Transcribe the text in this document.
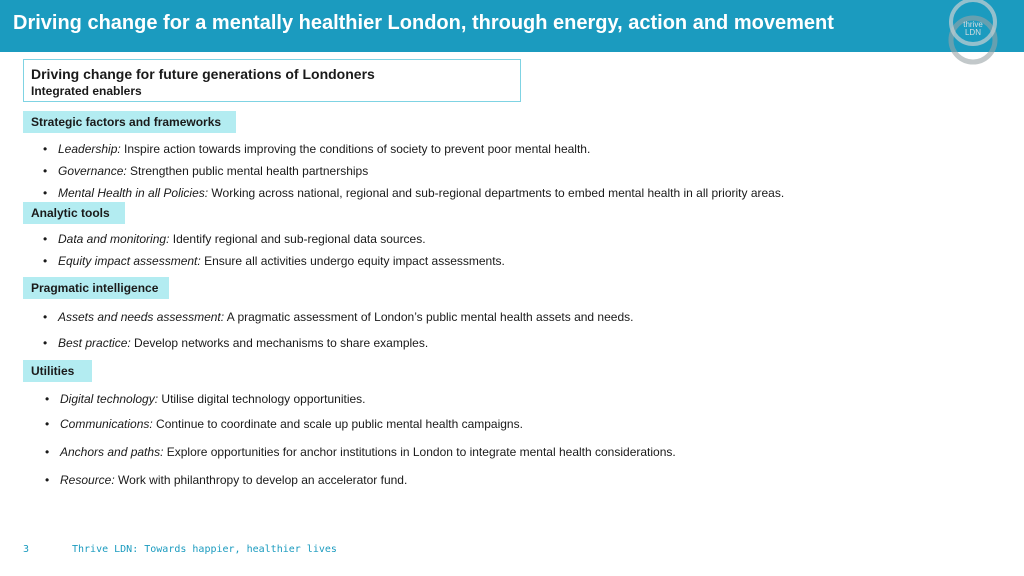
Driving change for a mentally healthier London, through energy, action and movement	thrive
LDN
Driving change for future generations of Londoners
Integrated enablers
Strategic factors and frameworks
• Leadership: Inspire action towards improving the conditions of society to prevent poor mental health.
• Governance: Strengthen public mental health partnerships
• Mental Health in all Policies: Working across national, regional and sub-regional departments to embed mental health in all priority areas.
Analytic tools
• Data and monitoring: Identify regional and sub-regional data sources.
• Equity impact assessment: Ensure all activities undergo equity impact assessments.
Pragmatic intelligence
• Assets and needs assessment: A pragmatic assessment of London’s public mental health assets and needs.
• Best practice: Develop networks and mechanisms to share examples.
Utilities
• Digital technology: Utilise digital technology opportunities.
• Communications: Continue to coordinate and scale up public mental health campaigns.
• Anchors and paths: Explore opportunities for anchor institutions in London to integrate mental health considerations.
• Resource: Work with philanthropy to develop an accelerator fund.
3	Thrive LDN: Towards happier, healthier lives
